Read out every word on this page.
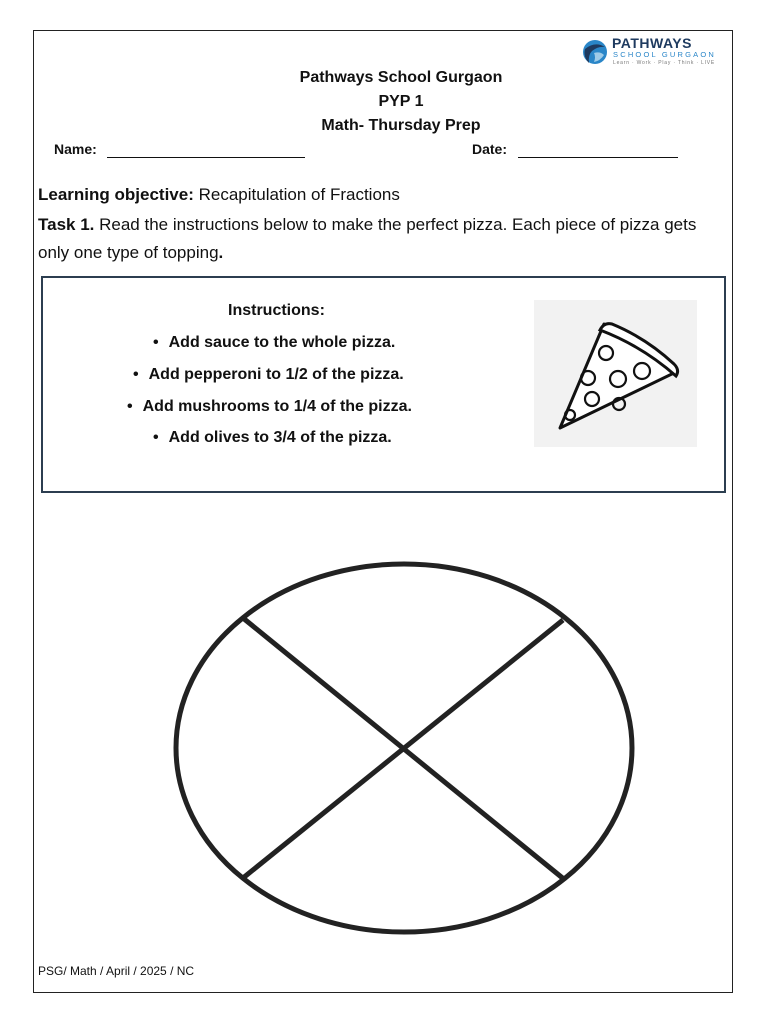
PATHWAYS
SCHOOL GURGAON
Learn · Work · Play · Think · LIVE
Pathways School Gurgaon
PYP 1
Math- Thursday Prep
Name:	Date:
Learning objective: Recapitulation of Fractions
Task 1. Read the instructions below to make the perfect pizza. Each piece of pizza gets only one type of topping.
Instructions:
• Add sauce to the whole pizza.
• Add pepperoni to 1/2 of the pizza.
• Add mushrooms to 1/4 of the pizza.
• Add olives to 3/4 of the pizza.
PSG/ Math / April / 2025 / NC
